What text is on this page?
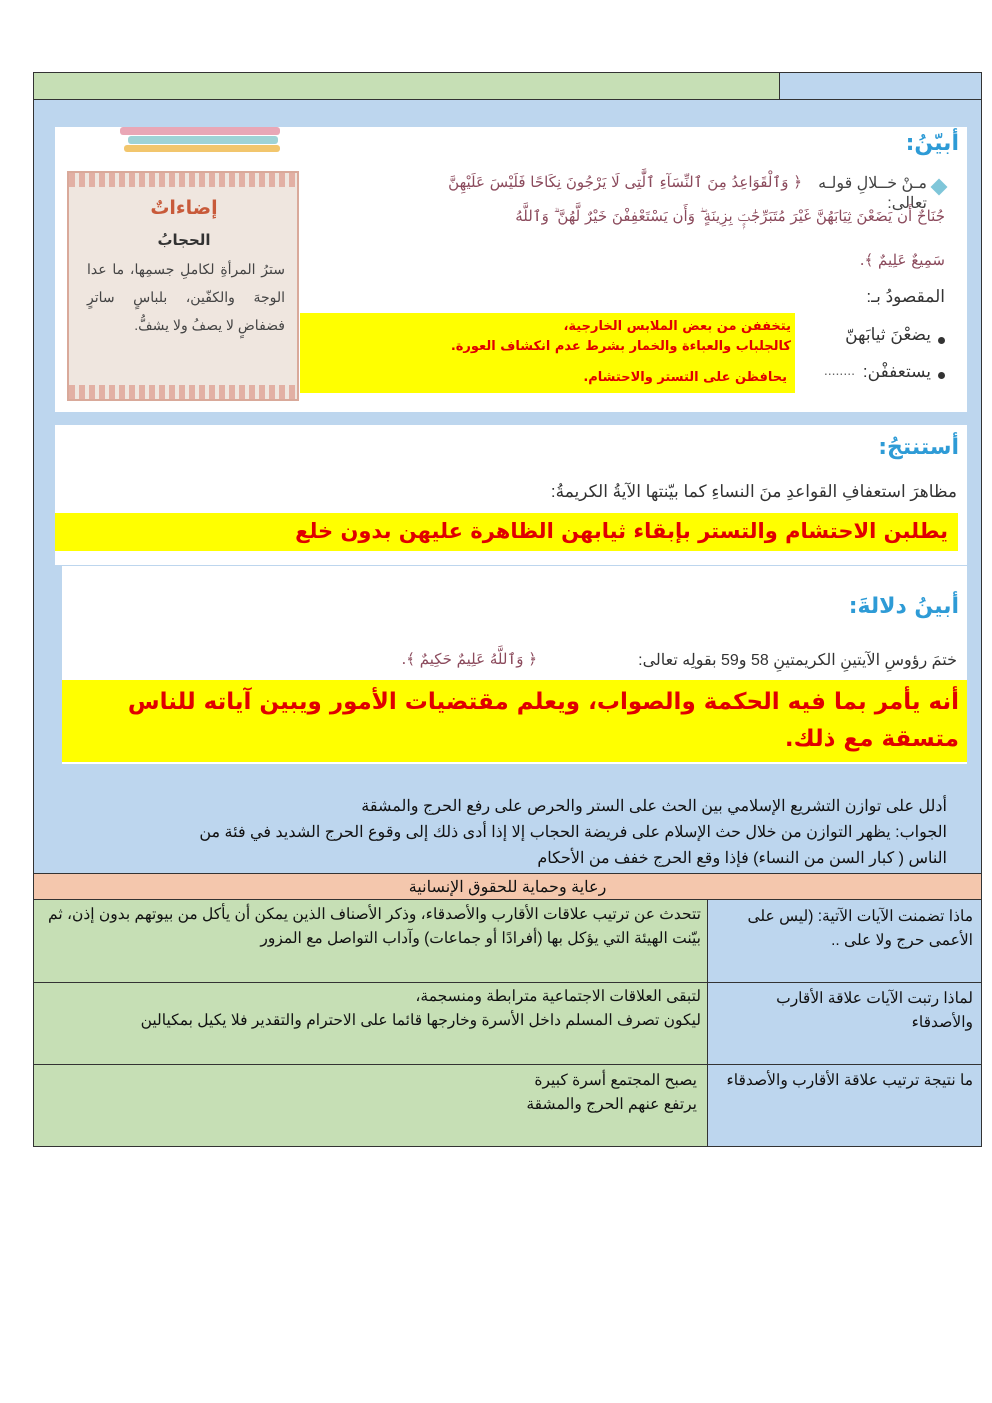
إضاءاتٌ
الحجابُ
سترُ المرأةِ لكاملِ جسمِها، ما عدا الوجهَ والكفّين، بلباسٍ ساترٍ فضفاضٍ لا يصفُ ولا يشفُّ.
أبيّنُ:
مـنْ خــلالِ قولـه تعالى:
﴿ وَٱلْقَوَاعِدُ مِنَ ٱلنِّسَآءِ ٱلَّٰتِى لَا يَرْجُونَ نِكَاحًا فَلَيْسَ عَلَيْهِنَّ
جُنَاحٌ أَن يَضَعْنَ ثِيَابَهُنَّ غَيْرَ مُتَبَرِّجَٰتٍۭ بِزِينَةٍ ۖ وَأَن يَسْتَعْفِفْنَ خَيْرٌ لَّهُنَّ ۗ وَٱللَّهُ
سَمِيعٌ عَلِيمٌ ﴾.
المقصودُ بـ:
يضعْنَ ثيابَهنّ
يتخففن من بعض الملابس الخارجية،
كالجلباب والعباءة والخمار بشرط عدم انكشاف العورة.
يستعففْن:
........
يحافظن على التستر والاحتشام.
أستنتجُ:
مظاهرَ استعفافِ القواعدِ منَ النساءِ كما بيّنتها الآيةُ الكريمةُ:
يطلبن الاحتشام والتستر بإبقاء ثيابهن الظاهرة عليهن بدون خلع
أبينُ دلالةَ:
ختمَ رؤوسِ الآيتينِ الكريمتينِ 58 و59 بقولِه تعالى:
﴿ وَٱللَّهُ عَلِيمٌ حَكِيمٌ ﴾.
أنه يأمر بما فيه الحكمة والصواب، ويعلم مقتضيات الأمور ويبين آياته للناس متسقة مع ذلك.
أدلل على توازن التشريع الإسلامي بين الحث على الستر والحرص على رفع الحرج والمشقة
الجواب: يظهر التوازن من خلال حث الإسلام على فريضة الحجاب إلا إذا أدى ذلك إلى وقوع الحرج الشديد في فئة من
الناس ( كبار السن من النساء) فإذا وقع الحرج خفف من الأحكام
رعاية وحماية للحقوق الإنسانية
تتحدث عن ترتيب علاقات الأقارب والأصدقاء، وذكر الأصناف الذين يمكن أن يأكل من بيوتهم بدون إذن، ثم بيّنت الهيئة التي يؤكل بها (أفرادًا أو جماعات) وآداب التواصل مع المزور
ماذا تضمنت الآيات الآتية: (ليس على الأعمى حرج ولا على ..
لتبقى العلاقات الاجتماعية مترابطة ومنسجمة،
ليكون تصرف المسلم داخل الأسرة وخارجها قائما على الاحترام والتقدير فلا يكيل بمكيالين
لماذا رتبت الآيات علاقة الأقارب والأصدقاء
يصبح المجتمع أسرة كبيرة
يرتفع عنهم الحرج والمشقة
ما نتيجة ترتيب علاقة الأقارب والأصدقاء
